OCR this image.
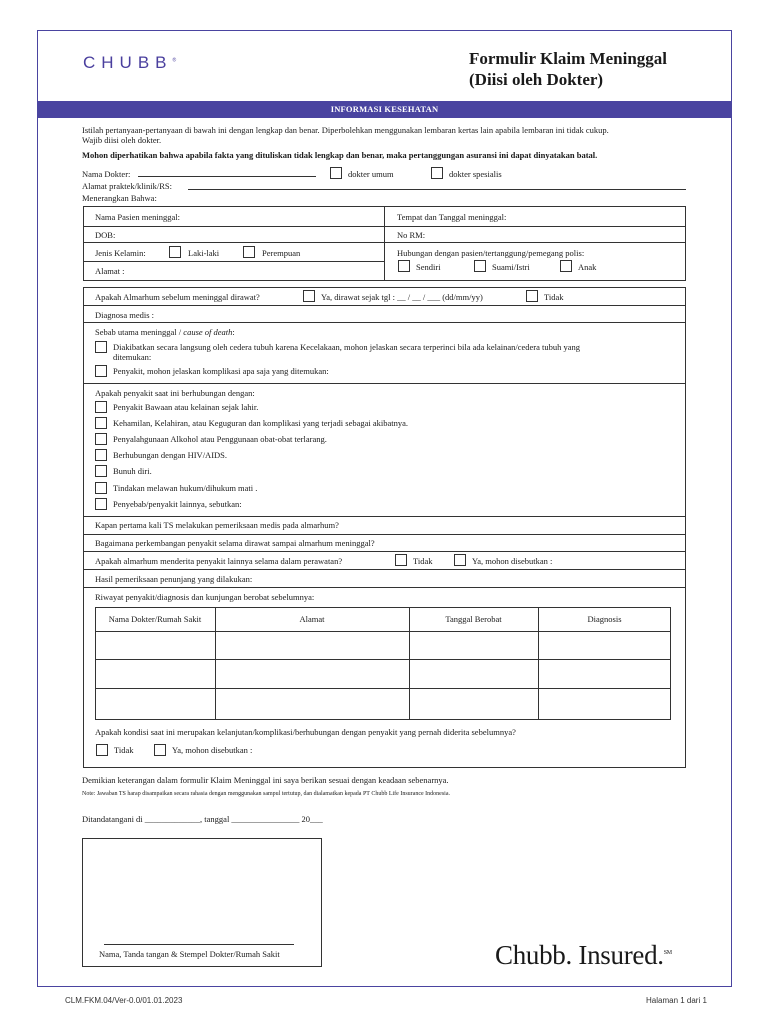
CHUBB®	Formulir Klaim Meninggal
(Diisi oleh Dokter)
INFORMASI KESEHATAN
Istilah pertanyaan-pertanyaan di bawah ini dengan lengkap dan benar. Diperbolehkan menggunakan lembaran kertas lain apabila lembaran ini tidak cukup.
Wajib diisi oleh dokter.
Mohon diperhatikan bahwa apabila fakta yang dituliskan tidak lengkap dan benar, maka pertanggungan asuransi ini dapat dinyatakan batal.
Nama Dokter:	dokter umum	dokter spesialis
Alamat praktek/klinik/RS:
Menerangkan Bahwa:
Nama Pasien meninggal:	Tempat dan Tanggal meninggal:
DOB:	No RM:
Jenis Kelamin:	Laki-laki	Perempuan
Alamat :
Hubungan dengan pasien/tertanggung/pemegang polis:
Sendiri	Suami/Istri	Anak
Apakah Almarhum sebelum meninggal dirawat?	Ya, dirawat sejak tgl : __ / __ / ___ (dd/mm/yy)	Tidak
Diagnosa medis :
Sebab utama meninggal / cause of death:
Diakibatkan secara langsung oleh cedera tubuh karena Kecelakaan, mohon jelaskan secara terperinci bila ada kelainan/cedera tubuh yang
ditemukan:
Penyakit, mohon jelaskan komplikasi apa saja yang ditemukan:
Apakah penyakit saat ini berhubungan dengan:
Penyakit Bawaan atau kelainan sejak lahir.
Kehamilan, Kelahiran, atau Keguguran dan komplikasi yang terjadi sebagai akibatnya.
Penyalahgunaan Alkohol atau Penggunaan obat-obat terlarang.
Berhubungan dengan HIV/AIDS.
Bunuh diri.
Tindakan melawan hukum/dihukum mati .
Penyebab/penyakit lainnya, sebutkan:
Kapan pertama kali TS melakukan pemeriksaan medis pada almarhum?
Bagaimana perkembangan penyakit selama dirawat sampai almarhum meninggal?
Apakah almarhum menderita penyakit lainnya selama dalam perawatan?	Tidak	Ya, mohon disebutkan :
Hasil pemeriksaan penunjang yang dilakukan:
Riwayat penyakit/diagnosis dan kunjungan berobat sebelumnya:
Nama Dokter/Rumah Sakit	Alamat	Tanggal Berobat	Diagnosis
Apakah kondisi saat ini merupakan kelanjutan/komplikasi/berhubungan dengan penyakit yang pernah diderita sebelumnya?
Tidak	Ya, mohon disebutkan :
Demikian keterangan dalam formulir Klaim Meninggal ini saya berikan sesuai dengan keadaan sebenarnya.
Note: Jawaban TS harap disampaikan secara rahasia dengan menggunakan sampul tertutup, dan dialamatkan kepada PT Chubb Life Insurance Indonesia.
Ditandatangani di _____________, tanggal ________________ 20___
Nama, Tanda tangan & Stempel Dokter/Rumah Sakit	Chubb. Insured.℠
CLM.FKM.04/Ver-0.0/01.01.2023	Halaman 1 dari 1
